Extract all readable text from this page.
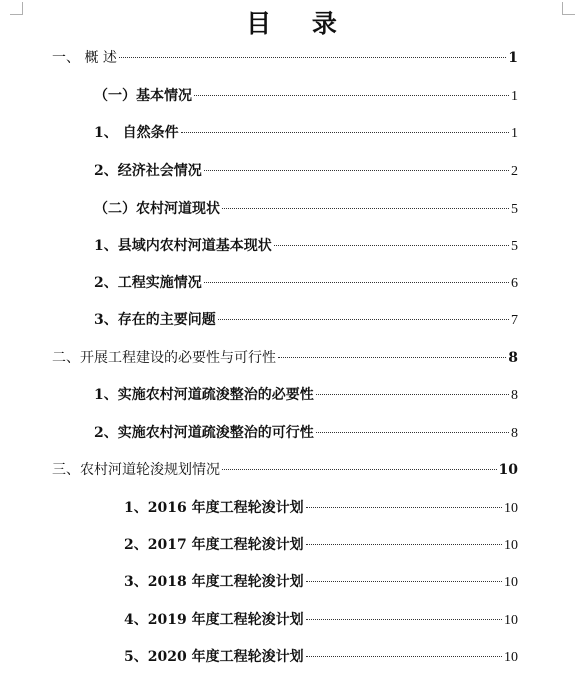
目 录
一、 概 述	1
（一）基本情况	1
1、 自然条件	1
2、经济社会情况	2
（二）农村河道现状	5
1、县域内农村河道基本现状	5
2、工程实施情况	6
3、存在的主要问题	7
二、开展工程建设的必要性与可行性	8
1、实施农村河道疏浚整治的必要性	8
2、实施农村河道疏浚整治的可行性	8
三、农村河道轮浚规划情况	10
1、2016 年度工程轮浚计划	10
2、2017 年度工程轮浚计划	10
3、2018 年度工程轮浚计划	10
4、2019 年度工程轮浚计划	10
5、2020 年度工程轮浚计划	10
